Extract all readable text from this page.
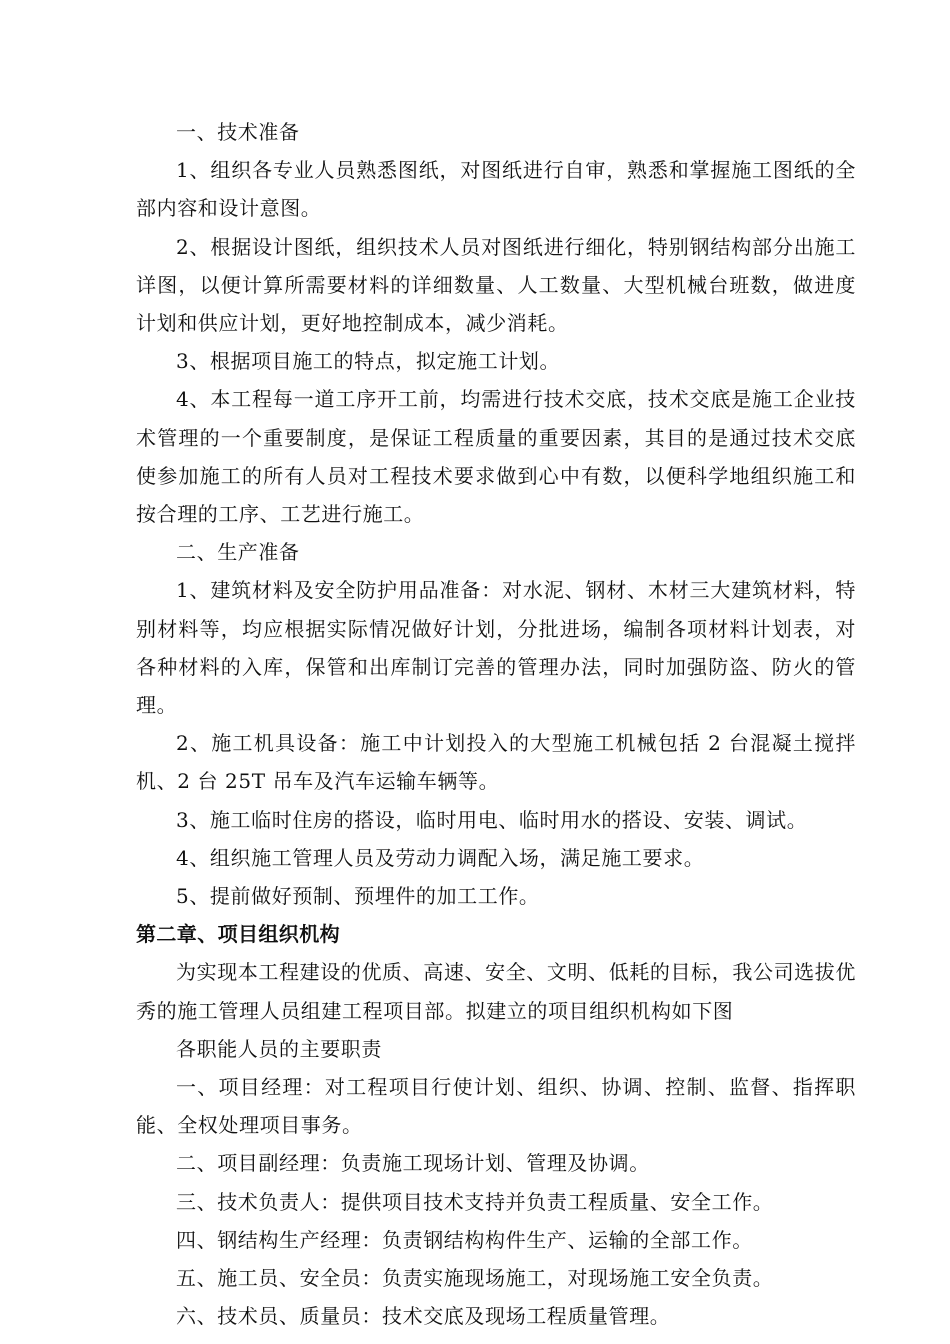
一、技术准备

1、组织各专业人员熟悉图纸，对图纸进行自审，熟悉和掌握施工图纸的全部内容和设计意图。

2、根据设计图纸，组织技术人员对图纸进行细化，特别钢结构部分出施工详图，以便计算所需要材料的详细数量、人工数量、大型机械台班数，做进度计划和供应计划，更好地控制成本，减少消耗。

3、根据项目施工的特点，拟定施工计划。

4、本工程每一道工序开工前，均需进行技术交底，技术交底是施工企业技术管理的一个重要制度，是保证工程质量的重要因素，其目的是通过技术交底使参加施工的所有人员对工程技术要求做到心中有数，以便科学地组织施工和按合理的工序、工艺进行施工。

二、生产准备

1、建筑材料及安全防护用品准备：对水泥、钢材、木材三大建筑材料，特别材料等，均应根据实际情况做好计划，分批进场，编制各项材料计划表，对各种材料的入库，保管和出库制订完善的管理办法，同时加强防盗、防火的管理。

2、施工机具设备：施工中计划投入的大型施工机械包括 2 台混凝土搅拌机、2 台 25T 吊车及汽车运输车辆等。

3、施工临时住房的搭设，临时用电、临时用水的搭设、安装、调试。

4、组织施工管理人员及劳动力调配入场，满足施工要求。

5、提前做好预制、预埋件的加工工作。

第二章、项目组织机构

为实现本工程建设的优质、高速、安全、文明、低耗的目标，我公司选拔优秀的施工管理人员组建工程项目部。拟建立的项目组织机构如下图

各职能人员的主要职责

一、项目经理：对工程项目行使计划、组织、协调、控制、监督、指挥职能、全权处理项目事务。

二、项目副经理：负责施工现场计划、管理及协调。

三、技术负责人：提供项目技术支持并负责工程质量、安全工作。

四、钢结构生产经理：负责钢结构构件生产、运输的全部工作。

五、施工员、安全员：负责实施现场施工，对现场施工安全负责。

六、技术员、质量员：技术交底及现场工程质量管理。
